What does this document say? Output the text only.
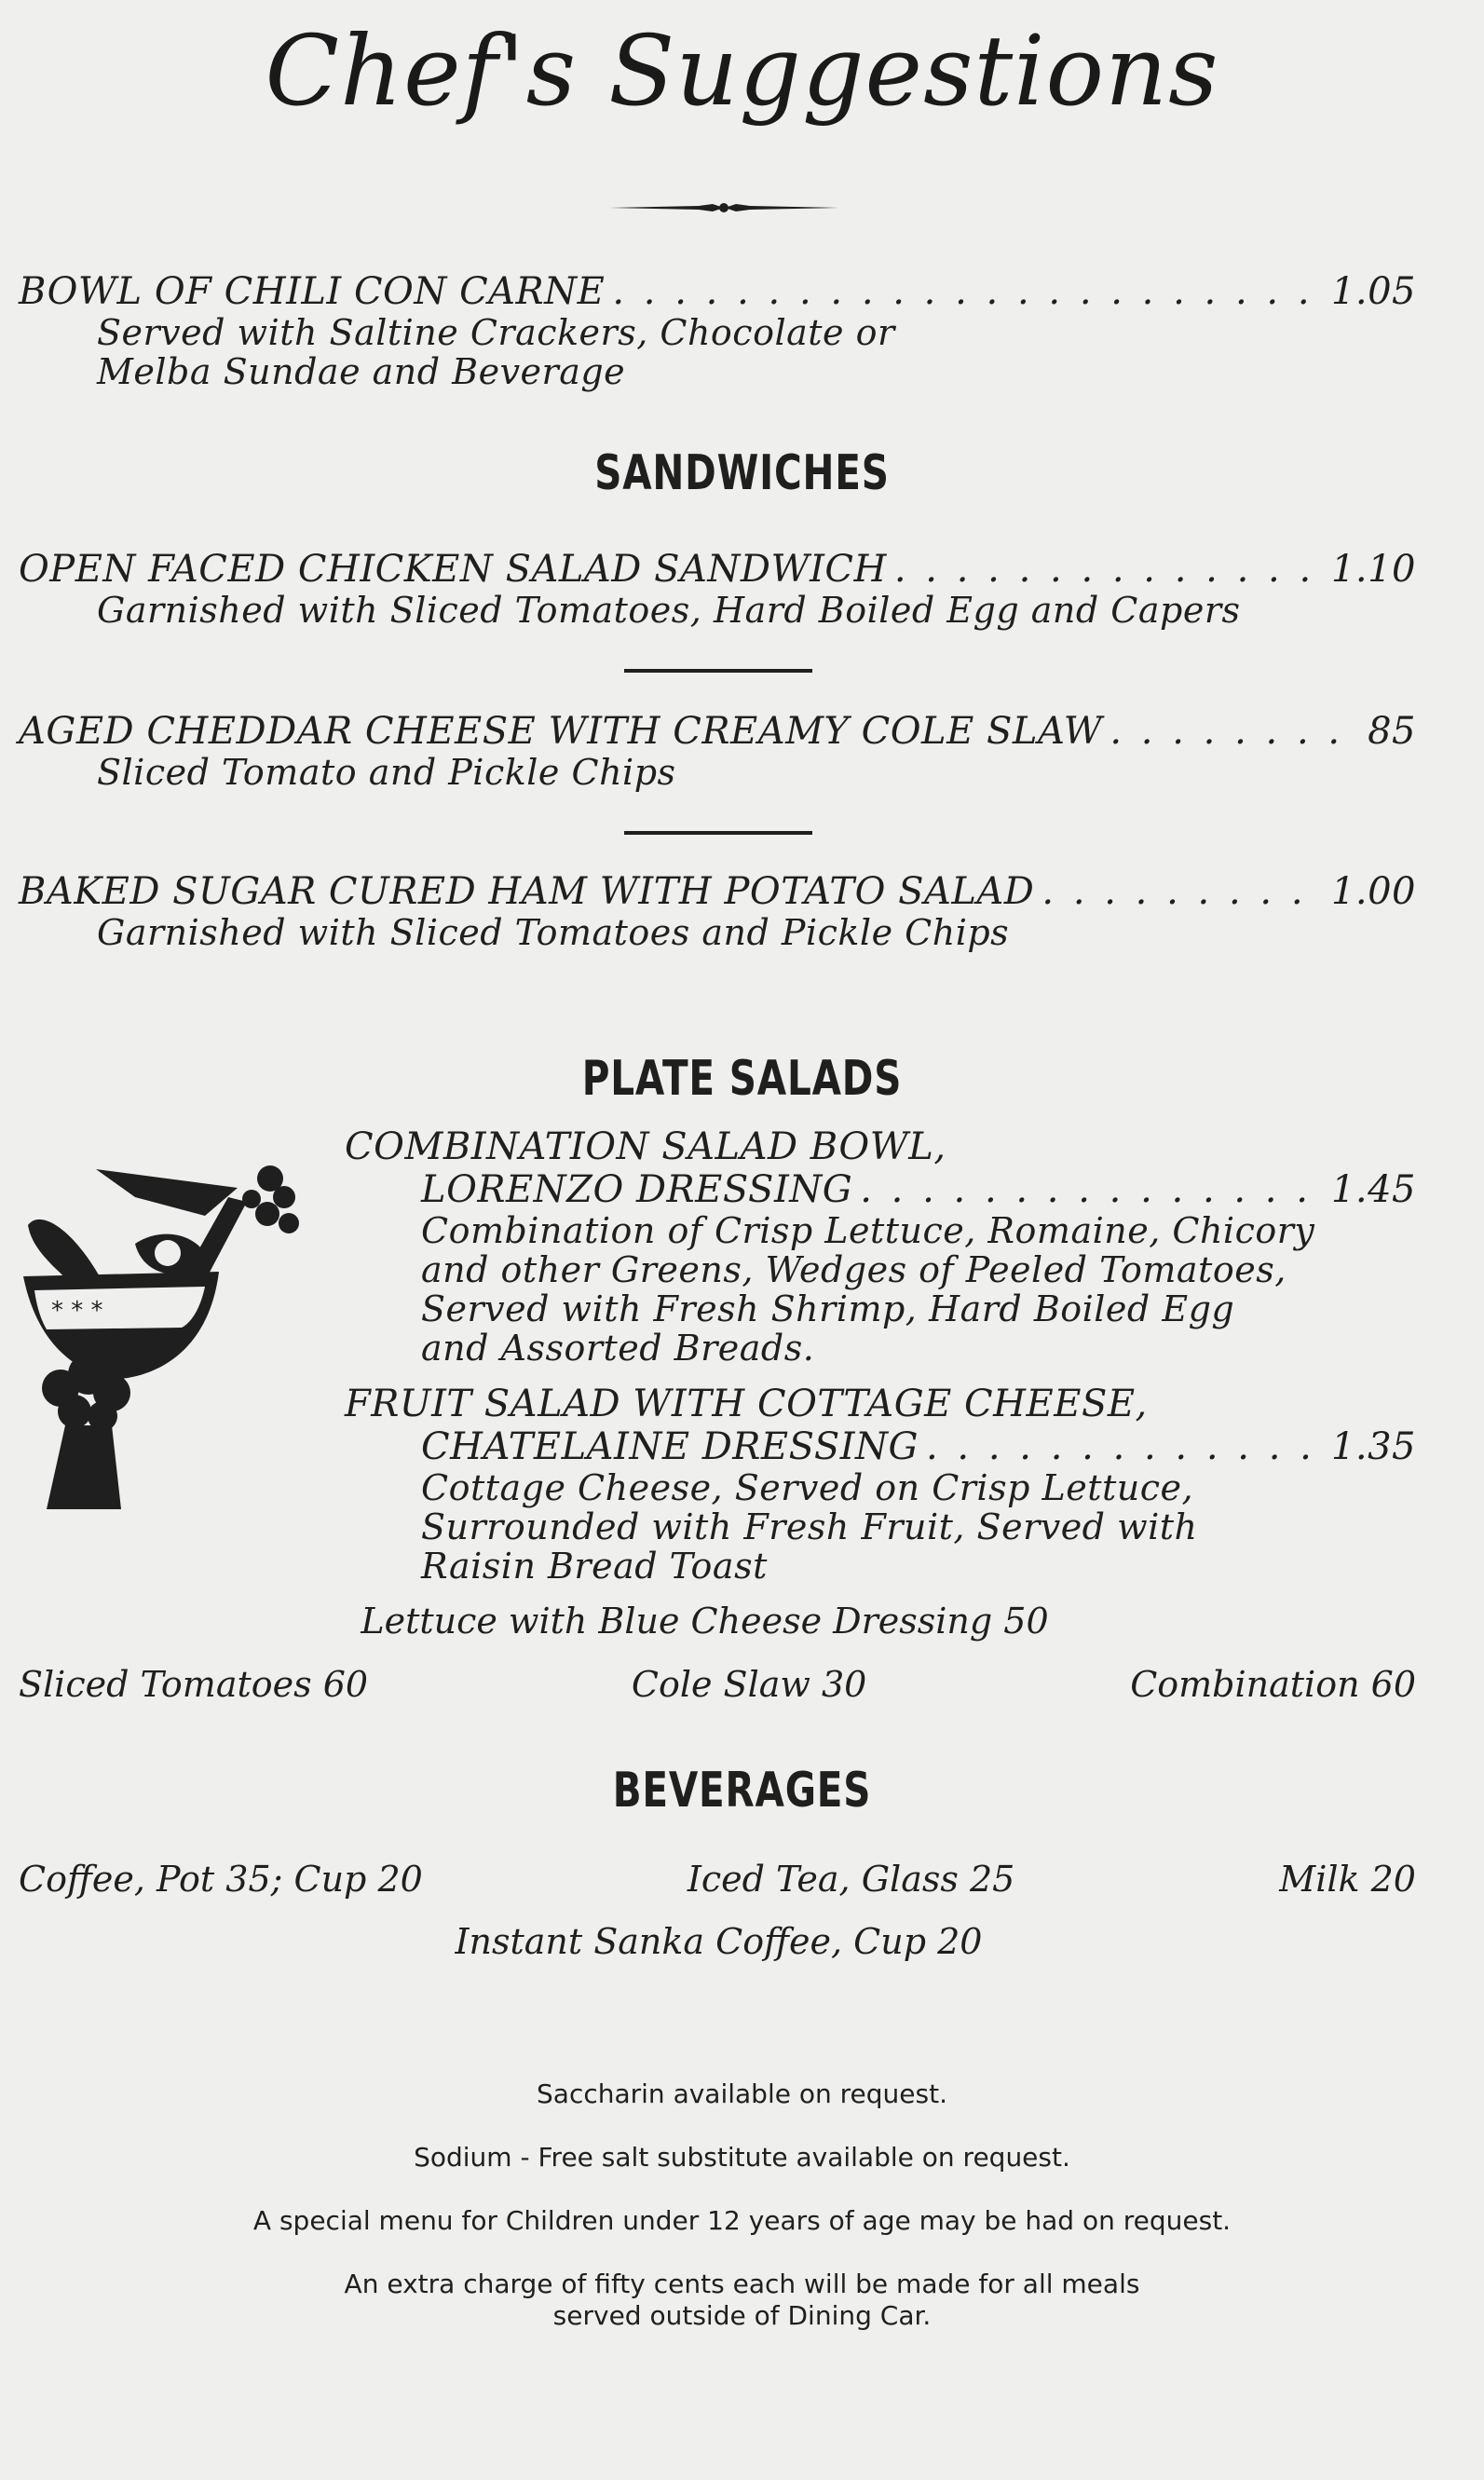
Chef's Suggestions
BOWL OF CHILI CON CARNE . . .	1.05
Served with Saltine Crackers, Chocolate or
Melba Sundae and Beverage
SANDWICHES
OPEN FACED CHICKEN SALAD SANDWICH . . .	1.10
Garnished with Sliced Tomatoes, Hard Boiled Egg and Capers
AGED CHEDDAR CHEESE WITH CREAMY COLE SLAW . . .	85
Sliced Tomato and Pickle Chips
BAKED SUGAR CURED HAM WITH POTATO SALAD . . .	1.00
Garnished with Sliced Tomatoes and Pickle Chips
PLATE SALADS
* * *
COMBINATION SALAD BOWL,
LORENZO DRESSING . . .	1.45
Combination of Crisp Lettuce, Romaine, Chicory
and other Greens, Wedges of Peeled Tomatoes,
Served with Fresh Shrimp, Hard Boiled Egg
and Assorted Breads.
FRUIT SALAD WITH COTTAGE CHEESE,
CHATELAINE DRESSING . . .	1.35
Cottage Cheese, Served on Crisp Lettuce,
Surrounded with Fresh Fruit, Served with
Raisin Bread Toast
Lettuce with Blue Cheese Dressing 50
Sliced Tomatoes 60	Cole Slaw 30	Combination 60
BEVERAGES
Coffee, Pot 35; Cup 20	Iced Tea, Glass 25	Milk 20
Instant Sanka Coffee, Cup 20
Saccharin available on request.
Sodium - Free salt substitute available on request.
A special menu for Children under 12 years of age may be had on request.
An extra charge of fifty cents each will be made for all meals
served outside of Dining Car.
